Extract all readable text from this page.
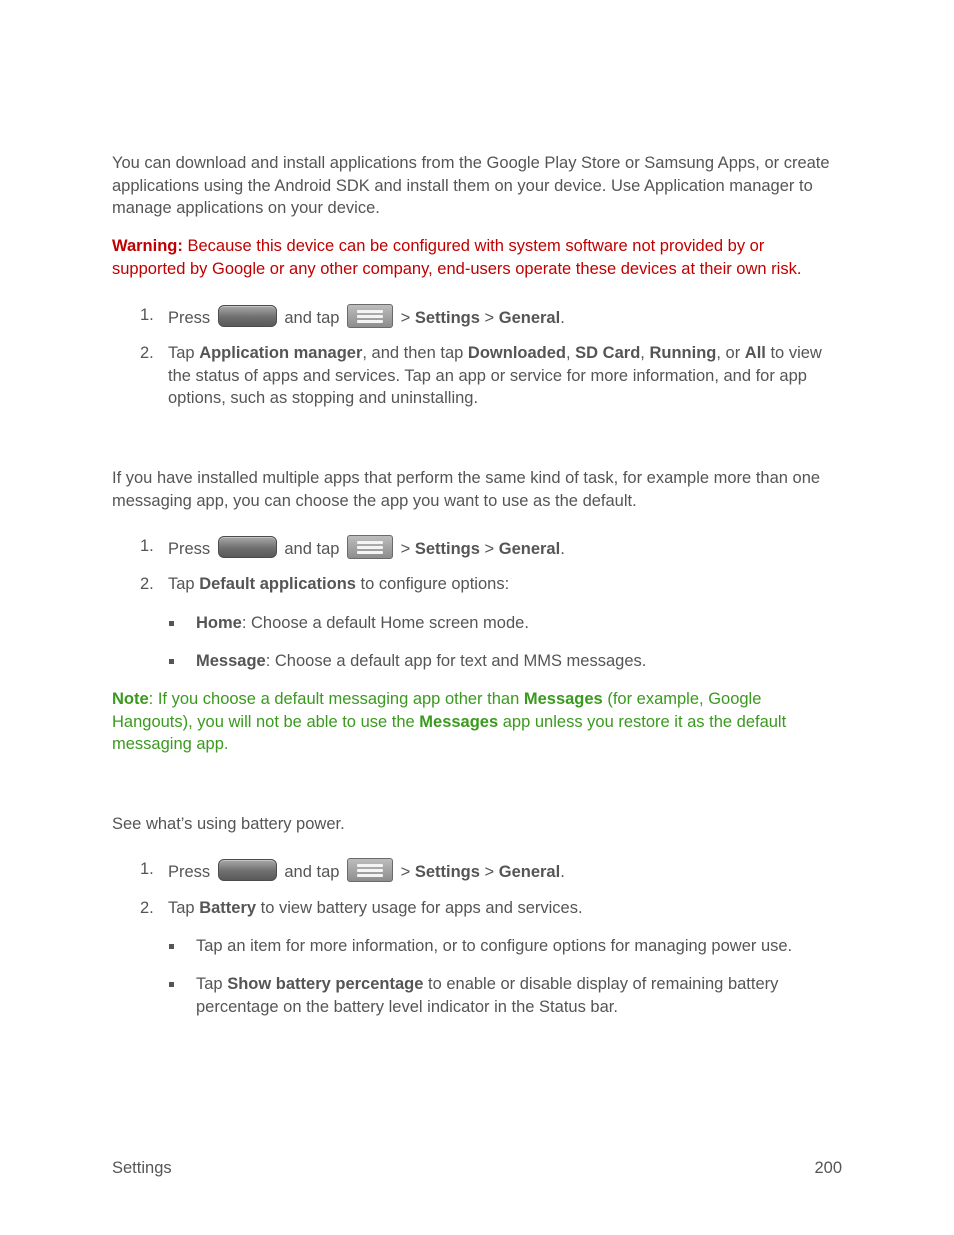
You can download and install applications from the Google Play Store or Samsung Apps, or create applications using the Android SDK and install them on your device. Use Application manager to manage applications on your device.

Warning: Because this device can be configured with system software not provided by or supported by Google or any other company, end-users operate these devices at their own risk.

1. Press	and tap	> Settings > General.
2. Tap Application manager, and then tap Downloaded, SD Card, Running, or All to view the status of apps and services. Tap an app or service for more information, and for app options, such as stopping and uninstalling.

If you have installed multiple apps that perform the same kind of task, for example more than one messaging app, you can choose the app you want to use as the default.

1. Press	and tap	> Settings > General.
2. Tap Default applications to configure options:
Home: Choose a default Home screen mode.
Message: Choose a default app for text and MMS messages.

Note: If you choose a default messaging app other than Messages (for example, Google Hangouts), you will not be able to use the Messages app unless you restore it as the default messaging app.

See what’s using battery power.

1. Press	and tap	> Settings > General.
2. Tap Battery to view battery usage for apps and services.
Tap an item for more information, or to configure options for managing power use.
Tap Show battery percentage to enable or disable display of remaining battery percentage on the battery level indicator in the Status bar.
Settings	200
